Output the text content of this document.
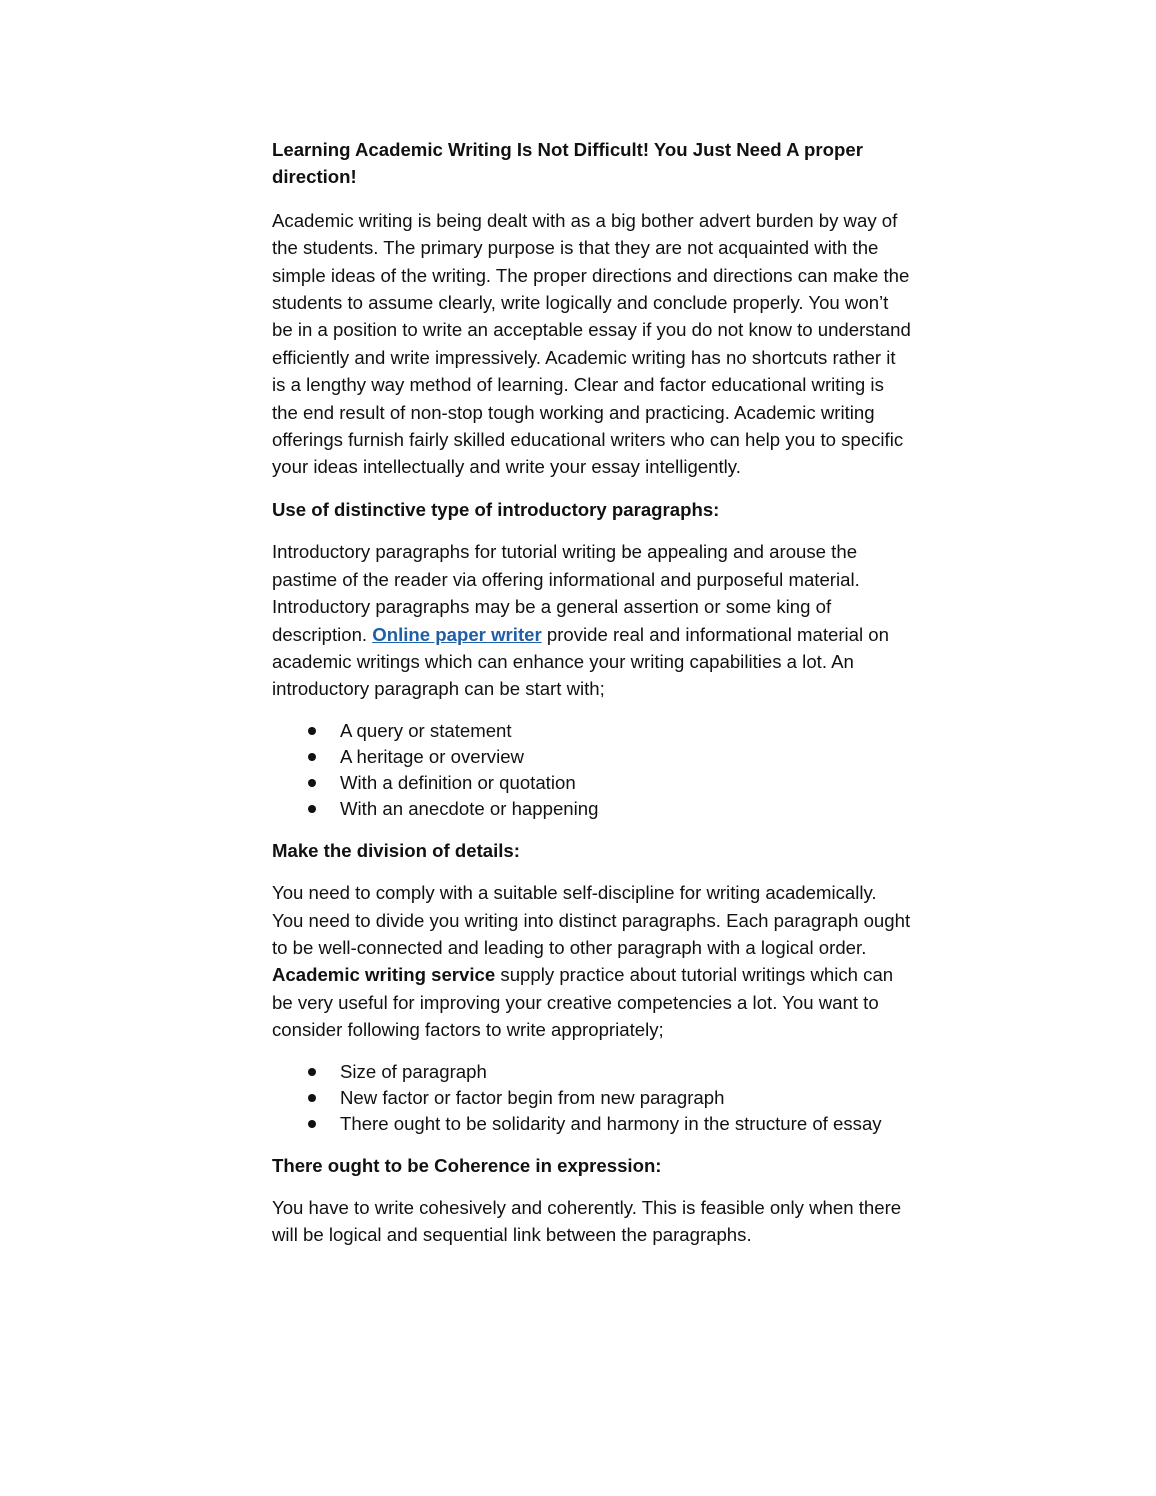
Learning Academic Writing Is Not Difficult! You Just Need A proper direction!

Academic writing is being dealt with as a big bother advert burden by way of the students. The primary purpose is that they are not acquainted with the simple ideas of the writing. The proper directions and directions can make the students to assume clearly, write logically and conclude properly. You won’t be in a position to write an acceptable essay if you do not know to understand efficiently and write impressively. Academic writing has no shortcuts rather it is a lengthy way method of learning. Clear and factor educational writing is the end result of non-stop tough working and practicing. Academic writing offerings furnish fairly skilled educational writers who can help you to specific your ideas intellectually and write your essay intelligently.

Use of distinctive type of introductory paragraphs:

Introductory paragraphs for tutorial writing be appealing and arouse the pastime of the reader via offering informational and purposeful material. Introductory paragraphs may be a general assertion or some king of description. Online paper writer provide real and informational material on academic writings which can enhance your writing capabilities a lot. An introductory paragraph can be start with;

A query or statement
A heritage or overview
With a definition or quotation
With an anecdote or happening

Make the division of details:

You need to comply with a suitable self-discipline for writing academically. You need to divide you writing into distinct paragraphs. Each paragraph ought to be well-connected and leading to other paragraph with a logical order. Academic writing service supply practice about tutorial writings which can be very useful for improving your creative competencies a lot. You want to consider following factors to write appropriately;

Size of paragraph
New factor or factor begin from new paragraph
There ought to be solidarity and harmony in the structure of essay

There ought to be Coherence in expression:

You have to write cohesively and coherently. This is feasible only when there will be logical and sequential link between the paragraphs.
